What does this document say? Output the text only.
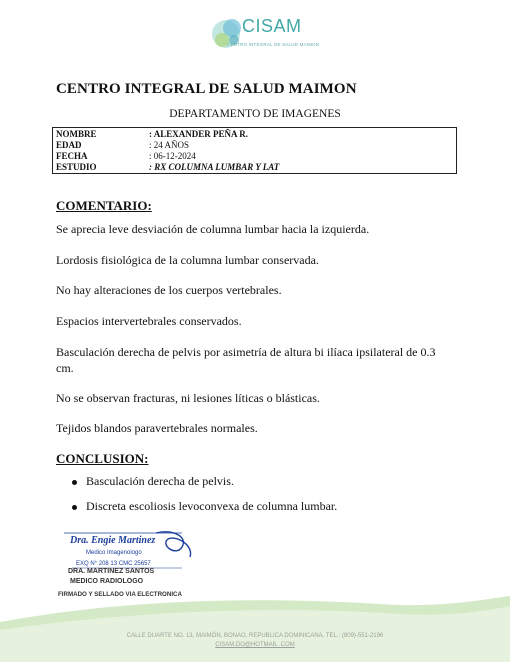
CISAM
CENTRO INTEGRAL DE SALUD MAIMON
CENTRO INTEGRAL DE SALUD MAIMON
DEPARTAMENTO DE IMAGENES
NOMBRE	: ALEXANDER PEÑA R.
EDAD	: 24 AÑOS
FECHA	: 06-12-2024
ESTUDIO	: RX COLUMNA LUMBAR Y LAT
COMENTARIO:
Se aprecia leve desviación de columna lumbar hacia la izquierda.
Lordosis fisiológica de la columna lumbar conservada.
No hay alteraciones de los cuerpos vertebrales.
Espacios intervertebrales conservados.
Basculación derecha de pelvis por asimetría de altura bi ilíaca ipsilateral de 0.3 cm.
No se observan fracturas, ni lesiones líticas o blásticas.
Tejidos blandos paravertebrales normales.
CONCLUSION:
Basculación derecha de pelvis.
Discreta escoliosis levoconvexa de columna lumbar.
Dra. Engie Martinez
Medico Imagenologo
EXQ N° 208 13 CMC 25657
DRA. MARTINEZ SANTOS
MEDICO RADIOLOGO
FIRMADO Y SELLADO VIA ELECTRONICA
CALLE DUARTE NO. 13, MAIMÓN, BONAO, REPUBLICA DOMINICANA, TEL.: (809)-551-2196
CISAM.DO@HOTMAIL .COM
